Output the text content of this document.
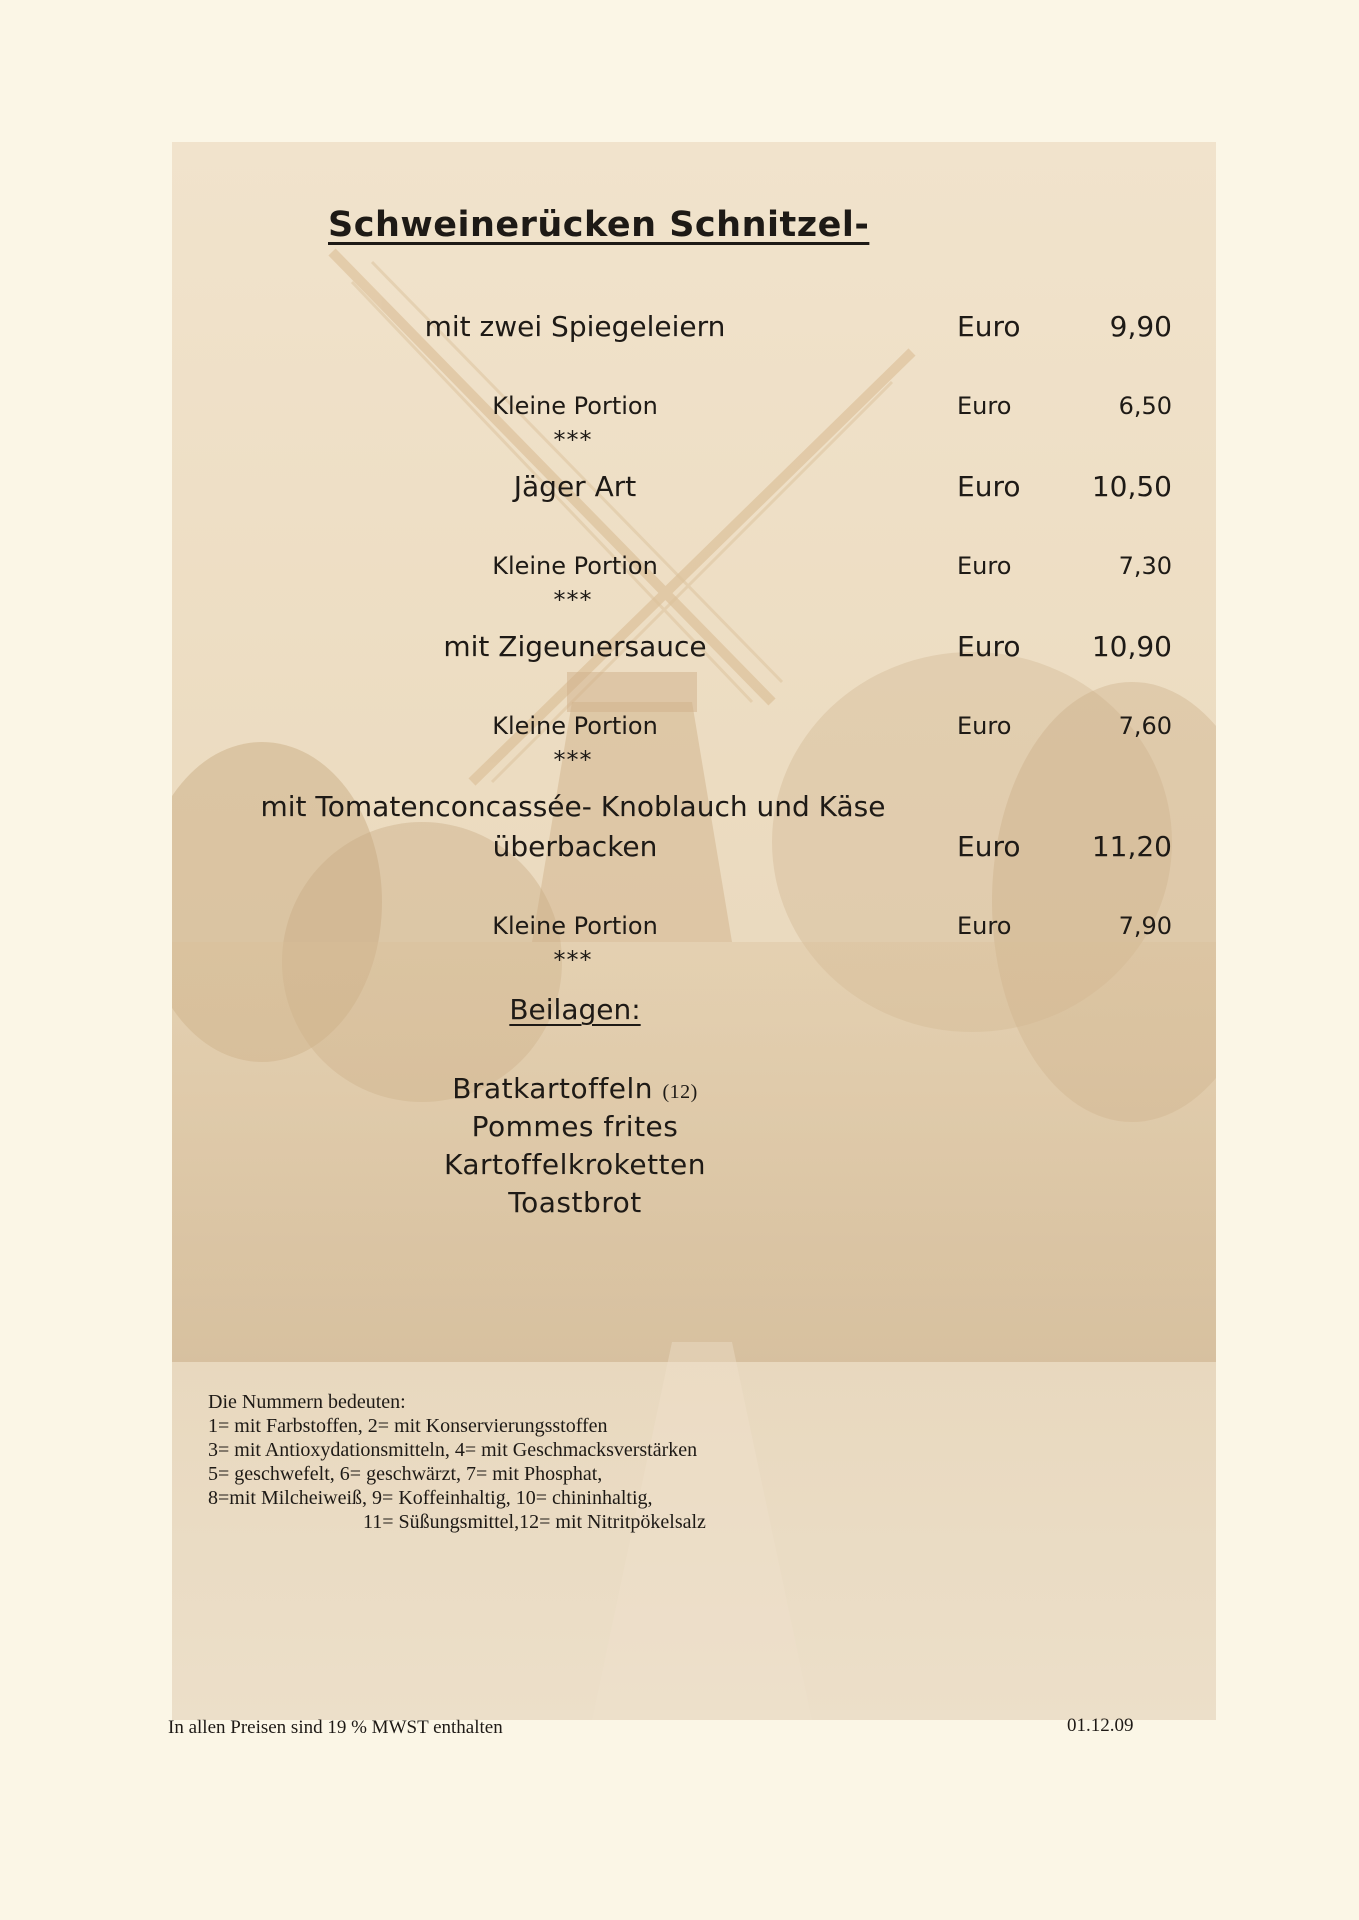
Schweinerücken Schnitzel-
mit zwei Spiegeleiern	Euro	9,90
Kleine Portion	Euro	6,50
***
Jäger Art	Euro	10,50
Kleine Portion	Euro	7,30
***
mit Zigeunersauce	Euro	10,90
Kleine Portion	Euro	7,60
***
mit Tomatenconcassée- Knoblauch und Käse
überbacken	Euro	11,20
Kleine Portion	Euro	7,90
***
Beilagen:
Bratkartoffeln (12)
Pommes frites
Kartoffelkroketten
Toastbrot
Die Nummern bedeuten:
1= mit Farbstoffen, 2= mit Konservierungsstoffen
3= mit Antioxydationsmitteln, 4= mit Geschmacksverstärken
5= geschwefelt, 6= geschwärzt, 7= mit Phosphat,
8=mit Milcheiweiß, 9= Koffeinhaltig, 10= chininhaltig,
11= Süßungsmittel,12= mit Nitritpökelsalz
In allen Preisen sind 19 % MWST enthalten	01.12.09
